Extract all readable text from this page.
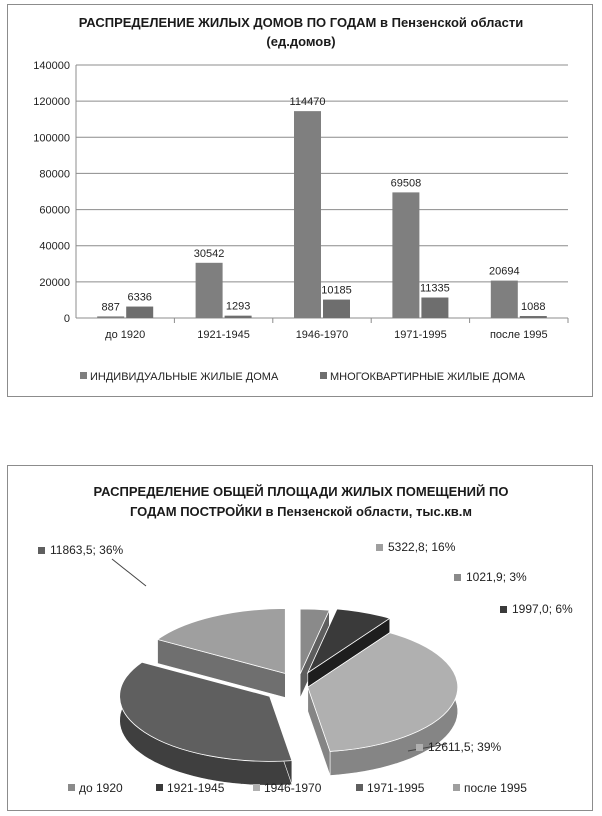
РАСПРЕДЕЛЕНИЕ ЖИЛЫХ ДОМОВ ПО ГОДАМ в Пензенской области
(ед.домов)
0
20000
40000
60000
80000
100000
120000
140000
до 1920	1921-1945	1946-1970	1971-1995	после 1995
887
6336
30542
1293
114470
10185
69508
11335
20694
1088
ИНДИВИДУАЛЬНЫЕ ЖИЛЫЕ ДОМА	МНОГОКВАРТИРНЫЕ ЖИЛЫЕ ДОМА
РАСПРЕДЕЛЕНИЕ ОБЩЕЙ ПЛОЩАДИ ЖИЛЫХ ПОМЕЩЕНИЙ ПО
ГОДАМ ПОСТРОЙКИ в Пензенской области, тыс.кв.м
1021,9; 3%
1997,0; 6%
12611,5; 39%
11863,5; 36%	5322,8; 16%
до 1920	1921-1945	1946-1970	1971-1995	после 1995
